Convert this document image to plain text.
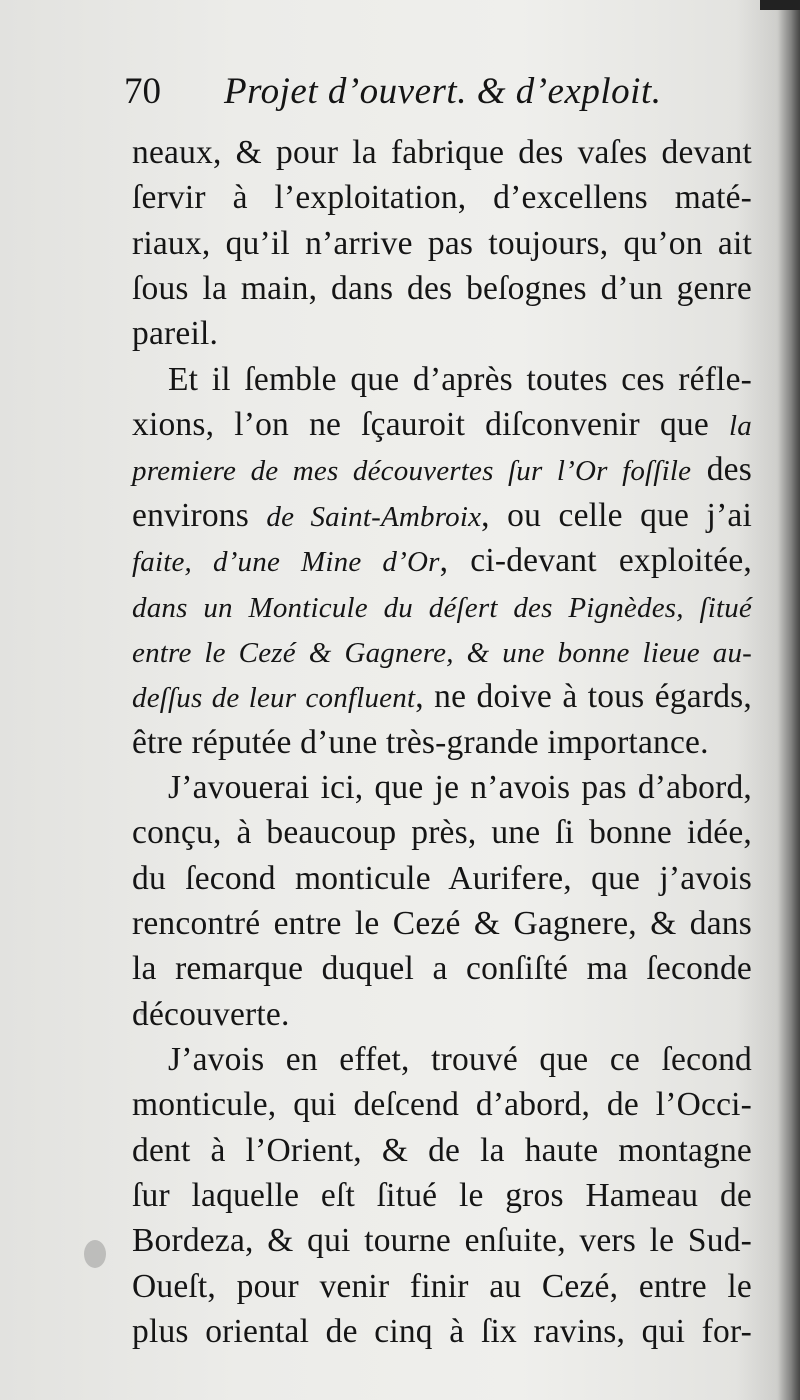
70 Projet d’ouvert. & d’exploit.
neaux, & pour la fabrique des vaſes devant
ſervir à l’exploitation, d’excellens maté-
riaux, qu’il n’arrive pas toujours, qu’on ait
ſous la main, dans des beſognes d’un genre
pareil.
Et il ſemble que d’après toutes ces réfle-
xions, l’on ne ſçauroit diſconvenir que la
premiere de mes découvertes ſur l’Or foſſile des
environs de Saint-Ambroix, ou celle que j’ai
faite, d’une Mine d’Or, ci-devant exploitée,
dans un Monticule du déſert des Pignèdes, ſitué
entre le Cezé & Gagnere, & une bonne lieue au-
deſſus de leur confluent, ne doive à tous égards,
être réputée d’une très-grande importance.
J’avouerai ici, que je n’avois pas d’abord,
conçu, à beaucoup près, une ſi bonne idée,
du ſecond monticule Aurifere, que j’avois
rencontré entre le Cezé & Gagnere, & dans
la remarque duquel a conſiſté ma ſeconde
découverte.
J’avois en effet, trouvé que ce ſecond
monticule, qui deſcend d’abord, de l’Occi-
dent à l’Orient, & de la haute montagne
ſur laquelle eſt ſitué le gros Hameau de
Bordeza, & qui tourne enſuite, vers le Sud-
Oueſt, pour venir finir au Cezé, entre le
plus oriental de cinq à ſix ravins, qui for-
